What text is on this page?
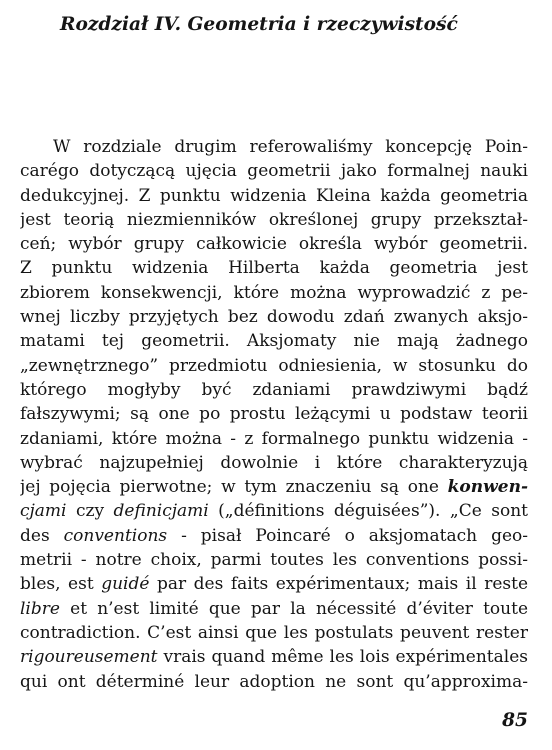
Rozdział IV. Geometria i rzeczywistość
W rozdziale drugim referowaliśmy koncepcję Poin-
carégo dotyczącą ujęcia geometrii jako formalnej nauki
dedukcyjnej. Z punktu widzenia Kleina każda geometria
jest teorią niezmienników określonej grupy przekształ-
ceń; wybór grupy całkowicie określa wybór geometrii.
Z punktu widzenia Hilberta każda geometria jest
zbiorem konsekwencji, które można wyprowadzić z pe-
wnej liczby przyjętych bez dowodu zdań zwanych aksjo-
matami tej geometrii. Aksjomaty nie mają żadnego
„zewnętrznego” przedmiotu odniesienia, w stosunku do
którego mogłyby być zdaniami prawdziwymi bądź
fałszywymi; są one po prostu leżącymi u podstaw teorii
zdaniami, które można - z formalnego punktu widzenia -
wybrać najzupełniej dowolnie i które charakteryzują
jej pojęcia pierwotne; w tym znaczeniu są one konwen-
cjami czy definicjami („définitions déguisées”). „Ce sont
des conventions - pisał Poincaré o aksjomatach geo-
metrii - notre choix, parmi toutes les conventions possi-
bles, est guidé par des faits expérimentaux; mais il reste
libre et n’est limité que par la nécessité d’éviter toute
contradiction. C’est ainsi que les postulats peuvent rester
rigoureusement vrais quand même les lois expérimentales
qui ont déterminé leur adoption ne sont qu’approxima-
85
